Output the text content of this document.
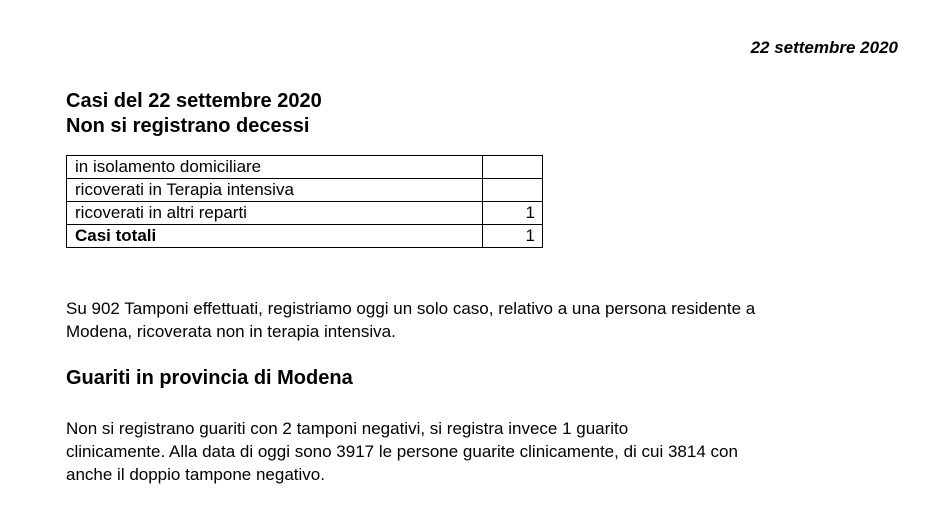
22 settembre 2020
Casi del 22 settembre 2020
Non si registrano decessi
in isolamento domiciliare	
ricoverati in Terapia intensiva	
ricoverati in altri reparti	1
Casi totali	1
Su 902 Tamponi effettuati, registriamo oggi un solo caso, relativo a una persona residente a
Modena, ricoverata non in terapia intensiva.
Guariti in provincia di Modena
Non si registrano guariti con 2 tamponi negativi, si registra invece 1 guarito
clinicamente. Alla data di oggi sono 3917 le persone guarite clinicamente, di cui 3814 con
anche il doppio tampone negativo.
